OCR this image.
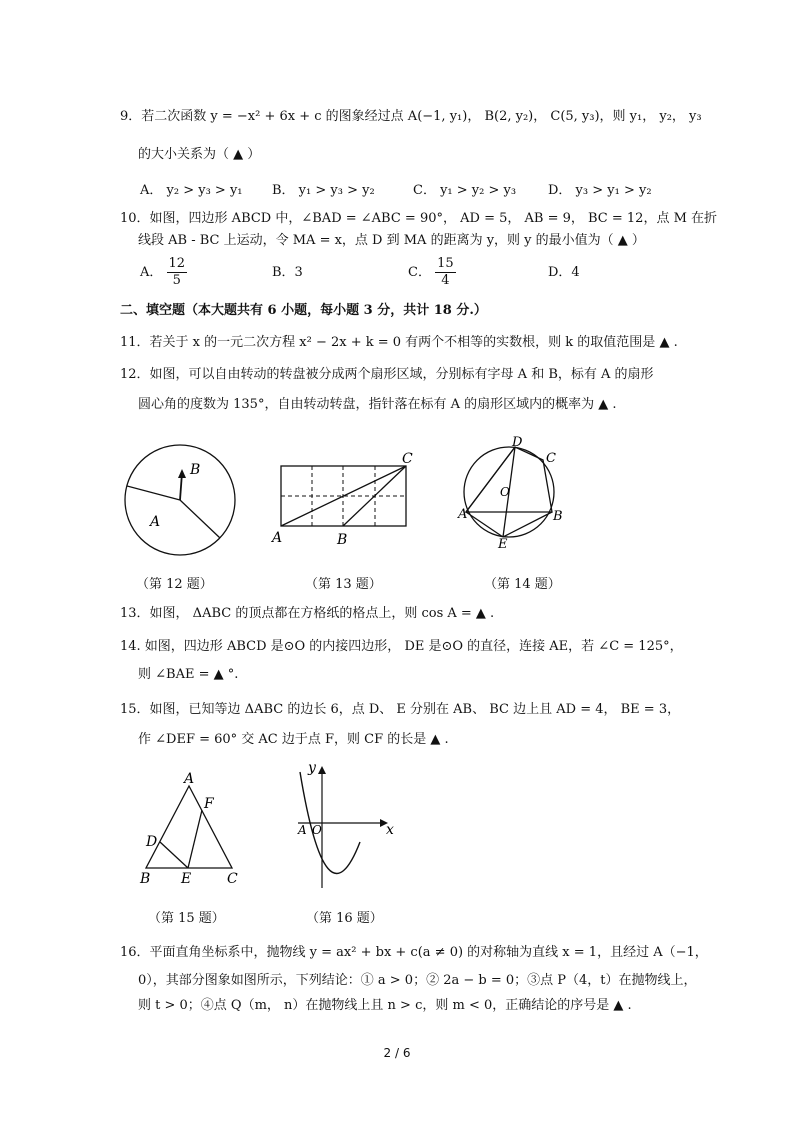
9．若二次函数 y = −x² + 6x + c 的图象经过点 A(−1, y₁)， B(2, y₂)， C(5, y₃)，则 y₁， y₂， y₃
的大小关系为（ ▲ ）
A． y₂ > y₃ > y₁ B． y₁ > y₃ > y₂	C． y₁ > y₂ > y₃ D． y₃ > y₁ > y₂
10．如图，四边形 ABCD 中，∠BAD = ∠ABC = 90°， AD = 5， AB = 9， BC = 12，点 M 在折
线段 AB - BC 上运动，令 MA = x，点 D 到 MA 的距离为 y，则 y 的最小值为（ ▲ ）
A． $\frac{12}{5}$	B．3	C． $\frac{15}{4}$	D．4
二、填空题（本大题共有 6 小题，每小题 3 分，共计 18 分.）
11．若关于 x 的一元二次方程 x² − 2x + k = 0 有两个不相等的实数根，则 k 的取值范围是 ▲ .
12．如图，可以自由转动的转盘被分成两个扇形区域，分别标有字母 A 和 B，标有 A 的扇形
圆心角的度数为 135°，自由转动转盘，指针落在标有 A 的扇形区域内的概率为 ▲ .
B
A
A	B
C
D
C
O
A	B
E
（第 12 题）	（第 13 题）	（第 14 题）
13．如图， ΔABC 的顶点都在方格纸的格点上，则 cos A = ▲ .
14. 如图，四边形 ABCD 是⊙O 的内接四边形， DE 是⊙O 的直径，连接 AE，若 ∠C = 125°，
则 ∠BAE = ▲ °.
15．如图，已知等边 ΔABC 的边长 6，点 D、 E 分别在 AB、 BC 边上且 AD = 4， BE = 3，
作 ∠DEF = 60° 交 AC 边于点 F，则 CF 的长是 ▲ .
A
F
D
B E	C
y
x
A O
（第 15 题）	（第 16 题）
16．平面直角坐标系中，抛物线 y = ax² + bx + c(a ≠ 0) 的对称轴为直线 x = 1，且经过 A（−1，
0），其部分图象如图所示，下列结论：① a > 0；② 2a − b = 0；③点 P（4，t）在抛物线上，
则 t > 0；④点 Q（m， n）在抛物线上且 n > c，则 m < 0，正确结论的序号是 ▲ .
2 / 6
